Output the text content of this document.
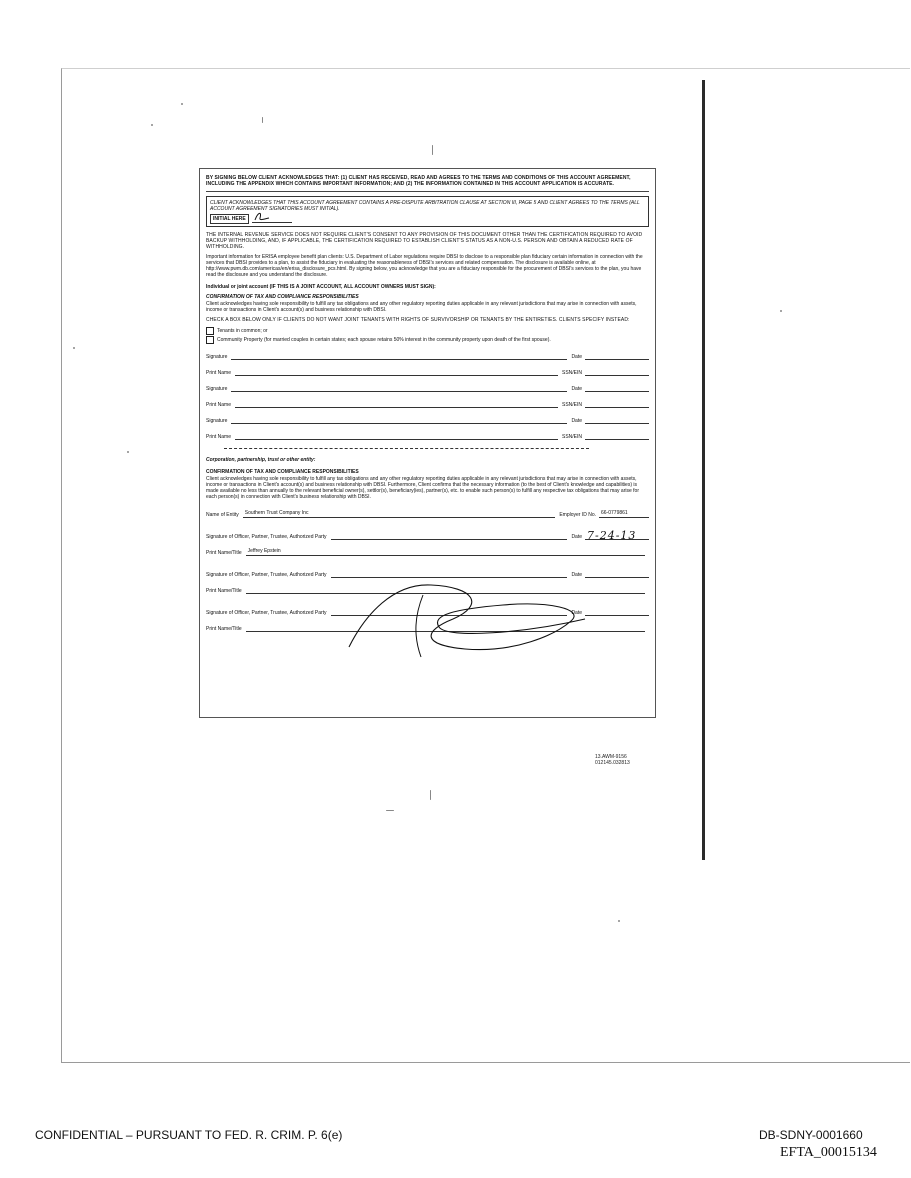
BY SIGNING BELOW CLIENT ACKNOWLEDGES THAT: (1) CLIENT HAS RECEIVED, READ AND AGREES TO THE TERMS AND CONDITIONS OF THIS ACCOUNT AGREEMENT, INCLUDING THE APPENDIX WHICH CONTAINS IMPORTANT INFORMATION; AND (2) THE INFORMATION CONTAINED IN THIS ACCOUNT APPLICATION IS ACCURATE.

CLIENT ACKNOWLEDGES THAT THIS ACCOUNT AGREEMENT CONTAINS A PRE-DISPUTE ARBITRATION CLAUSE AT SECTION III, PAGE 5 AND CLIENT AGREES TO THE TERMS (ALL ACCOUNT AGREEMENT SIGNATORIES MUST INITIAL).
INITIAL HERE

THE INTERNAL REVENUE SERVICE DOES NOT REQUIRE CLIENT'S CONSENT TO ANY PROVISION OF THIS DOCUMENT OTHER THAN THE CERTIFICATION REQUIRED TO AVOID BACKUP WITHHOLDING, AND, IF APPLICABLE, THE CERTIFICATION REQUIRED TO ESTABLISH CLIENT'S STATUS AS A NON-U.S. PERSON AND OBTAIN A REDUCED RATE OF WITHHOLDING.

Important information for ERISA employee benefit plan clients: U.S. Department of Labor regulations require DBSI to disclose to a responsible plan fiduciary certain information in connection with the services that DBSI provides to a plan, to assist the fiduciary in evaluating the reasonableness of DBSI's services and related compensation. The disclosure is available online, at http://www.pwm.db.com/americas/en/erisa_disclosure_pcs.html. By signing below, you acknowledge that you are a fiduciary responsible for the procurement of DBSI's services to the plan, you have read the disclosure and you understand the disclosure.

Individual or joint account (IF THIS IS A JOINT ACCOUNT, ALL ACCOUNT OWNERS MUST SIGN):

CONFIRMATION OF TAX AND COMPLIANCE RESPONSIBILITIES

Client acknowledges having sole responsibility to fulfill any tax obligations and any other regulatory reporting duties applicable in any relevant jurisdictions that may arise in connection with assets, income or transactions in Client's account(s) and business relationship with DBSI.

CHECK A BOX BELOW ONLY IF CLIENTS DO NOT WANT JOINT TENANTS WITH RIGHTS OF SURVIVORSHIP OR TENANTS BY THE ENTIRETIES. CLIENTS SPECIFY INSTEAD:

Tenants in common; or
Community Property (for married couples in certain states; each spouse retains 50% interest in the community property upon death of the first spouse).
Signature	Date
Print Name	SSN/EIN
Signature	Date
Print Name	SSN/EIN
Signature	Date
Print Name	SSN/EIN

Corporation, partnership, trust or other entity:

CONFIRMATION OF TAX AND COMPLIANCE RESPONSIBILITIES

Client acknowledges having sole responsibility to fulfill any tax obligations and any other regulatory reporting duties applicable in any relevant jurisdictions that may arise in connection with assets, income or transactions in Client's account(s) and business relationship with DBSI. Furthermore, Client confirms that the necessary information (to the best of Client's knowledge and capabilities) is made available no less than annually to the relevant beneficial owner(s), settlor(s), beneficiary(ies), partner(s), etc. to enable such person(s) to fulfill any respective tax obligations that may arise for each person(s) in connection with Client's business relationship with DBSI.

Name of Entity Southern Trust Company Inc	Employer ID No. 66-0779861
Signature of Officer, Partner, Trustee, Authorized Party	Date 7-24-13
Print Name/Title Jeffrey Epstein
Signature of Officer, Partner, Trustee, Authorized Party	Date
Print Name/Title
Signature of Officer, Partner, Trustee, Authorized Party	Date
Print Name/Title
13.AWM-9156
012145.032813
CONFIDENTIAL – PURSUANT TO FED. R. CRIM. P. 6(e)	DB-SDNY-0001660
EFTA_00015134
